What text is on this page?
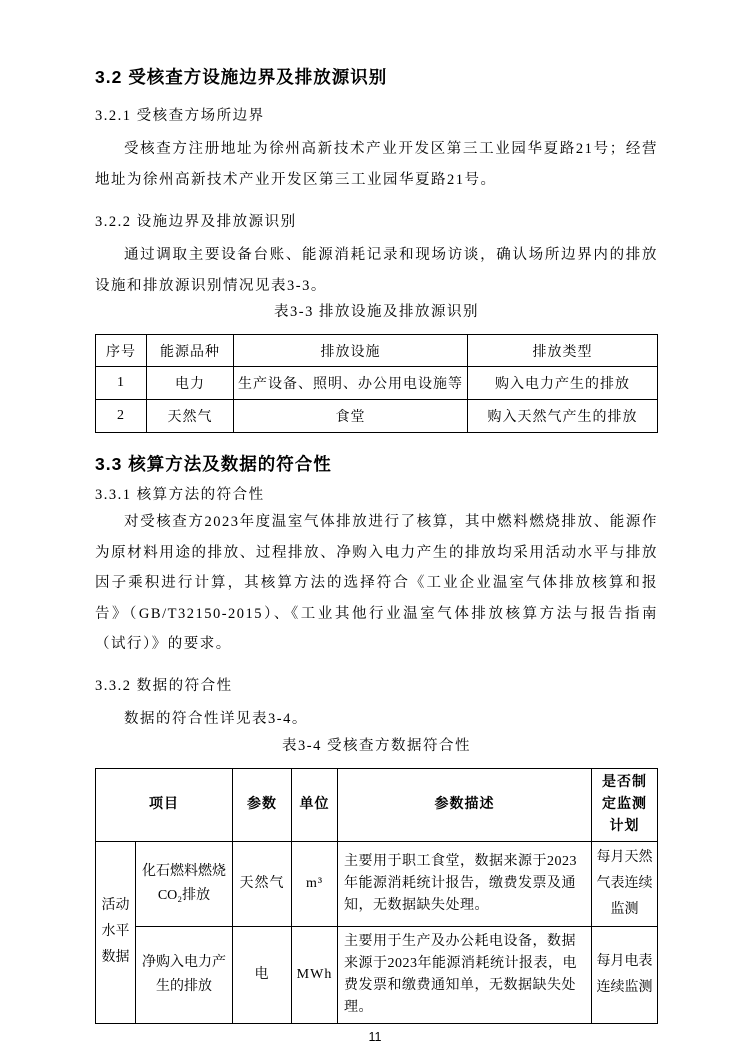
3.2 受核查方设施边界及排放源识别
3.2.1 受核查方场所边界

受核查方注册地址为徐州高新技术产业开发区第三工业园华夏路21号；经营地址为徐州高新技术产业开发区第三工业园华夏路21号。

3.2.2 设施边界及排放源识别

通过调取主要设备台账、能源消耗记录和现场访谈，确认场所边界内的排放设施和排放源识别情况见表3-3。

表3-3 排放设施及排放源识别
序号	能源品种	排放设施	排放类型
1	电力	生产设备、照明、办公用电设施等	购入电力产生的排放
2	天然气	食堂	购入天然气产生的排放
3.3 核算方法及数据的符合性
3.3.1 核算方法的符合性

对受核查方2023年度温室气体排放进行了核算，其中燃料燃烧排放、能源作为原材料用途的排放、过程排放、净购入电力产生的排放均采用活动水平与排放因子乘积进行计算，其核算方法的选择符合《工业企业温室气体排放核算和报告》（GB/T32150-2015）、《工业其他行业温室气体排放核算方法与报告指南（试行）》的要求。

3.3.2 数据的符合性

数据的符合性详见表3-4。

表3-4 受核查方数据符合性
项目		参数	单位	参数描述	是否制定监测计划
活动水平数据	化石燃料燃烧CO₂排放	天然气	m³	主要用于职工食堂，数据来源于2023年能源消耗统计报告，缴费发票及通知，无数据缺失处理。	每月天然气表连续监测
	净购入电力产生的排放	电	MWh	主要用于生产及办公耗电设备，数据来源于2023年能源消耗统计报表，电费发票和缴费通知单，无数据缺失处理。	每月电表连续监测
11
